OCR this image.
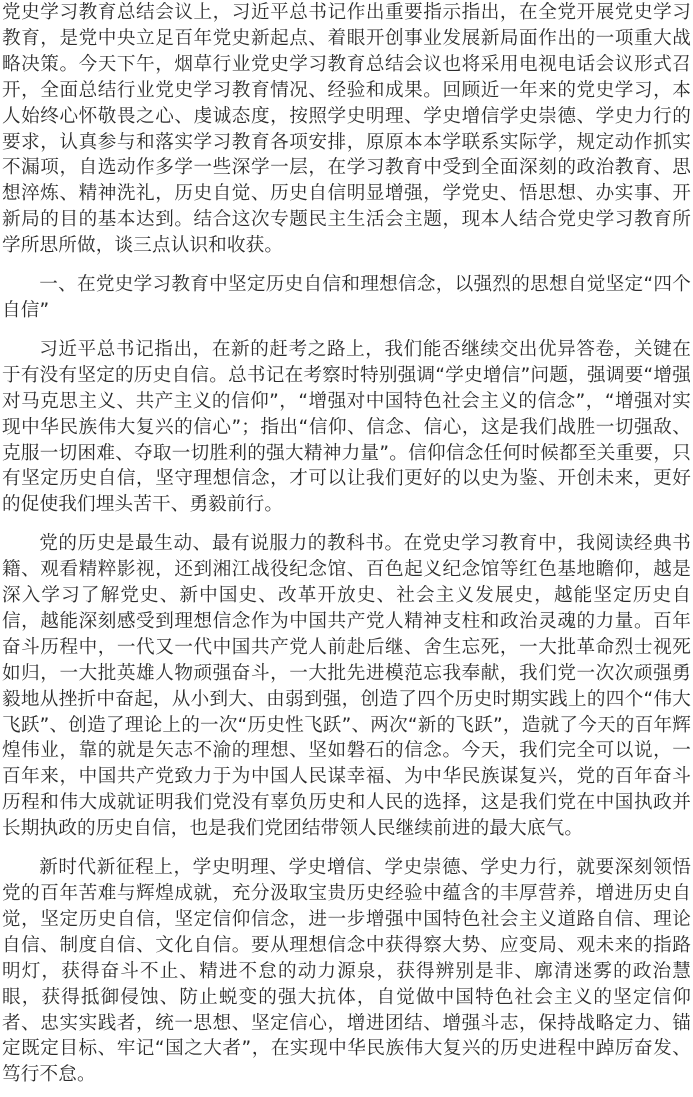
党史学习教育总结会议上，习近平总书记作出重要指示指出，在全党开展党史学习教育，是党中央立足百年党史新起点、着眼开创事业发展新局面作出的一项重大战略决策。今天下午，烟草行业党史学习教育总结会议也将采用电视电话会议形式召开，全面总结行业党史学习教育情况、经验和成果。回顾近一年来的党史学习，本人始终心怀敬畏之心、虔诚态度，按照学史明理、学史增信学史崇德、学史力行的要求，认真参与和落实学习教育各项安排，原原本本学联系实际学，规定动作抓实不漏项，自选动作多学一些深学一层，在学习教育中受到全面深刻的政治教育、思想淬炼、精神洗礼，历史自觉、历史自信明显增强，学党史、悟思想、办实事、开新局的目的基本达到。结合这次专题民主生活会主题，现本人结合党史学习教育所学所思所做，谈三点认识和收获。

一、在党史学习教育中坚定历史自信和理想信念，以强烈的思想自觉坚定“四个自信”

习近平总书记指出，在新的赶考之路上，我们能否继续交出优异答卷，关键在于有没有坚定的历史自信。总书记在考察时特别强调“学史增信”问题，强调要“增强对马克思主义、共产主义的信仰”，“增强对中国特色社会主义的信念”，“增强对实现中华民族伟大复兴的信心”；指出“信仰、信念、信心，这是我们战胜一切强敌、克服一切困难、夺取一切胜利的强大精神力量”。信仰信念任何时候都至关重要，只有坚定历史自信，坚守理想信念，才可以让我们更好的以史为鉴、开创未来，更好的促使我们埋头苦干、勇毅前行。

党的历史是最生动、最有说服力的教科书。在党史学习教育中，我阅读经典书籍、观看精粹影视，还到湘江战役纪念馆、百色起义纪念馆等红色基地瞻仰，越是深入学习了解党史、新中国史、改革开放史、社会主义发展史，越能坚定历史自信，越能深刻感受到理想信念作为中国共产党人精神支柱和政治灵魂的力量。百年奋斗历程中，一代又一代中国共产党人前赴后继、舍生忘死，一大批革命烈士视死如归，一大批英雄人物顽强奋斗，一大批先进模范忘我奉献，我们党一次次顽强勇毅地从挫折中奋起，从小到大、由弱到强，创造了四个历史时期实践上的四个“伟大飞跃”、创造了理论上的一次“历史性飞跃”、两次“新的飞跃”，造就了今天的百年辉煌伟业，靠的就是矢志不渝的理想、坚如磐石的信念。今天，我们完全可以说，一百年来，中国共产党致力于为中国人民谋幸福、为中华民族谋复兴，党的百年奋斗历程和伟大成就证明我们党没有辜负历史和人民的选择，这是我们党在中国执政并长期执政的历史自信，也是我们党团结带领人民继续前进的最大底气。

新时代新征程上，学史明理、学史增信、学史崇德、学史力行，就要深刻领悟党的百年苦难与辉煌成就，充分汲取宝贵历史经验中蕴含的丰厚营养，增进历史自觉，坚定历史自信，坚定信仰信念，进一步增强中国特色社会主义道路自信、理论自信、制度自信、文化自信。要从理想信念中获得察大势、应变局、观未来的指路明灯，获得奋斗不止、精进不怠的动力源泉，获得辨别是非、廓清迷雾的政治慧眼，获得抵御侵蚀、防止蜕变的强大抗体，自觉做中国特色社会主义的坚定信仰者、忠实实践者，统一思想、坚定信心，增进团结、增强斗志，保持战略定力、锚定既定目标、牢记“国之大者”，在实现中华民族伟大复兴的历史进程中踔厉奋发、笃行不怠。
